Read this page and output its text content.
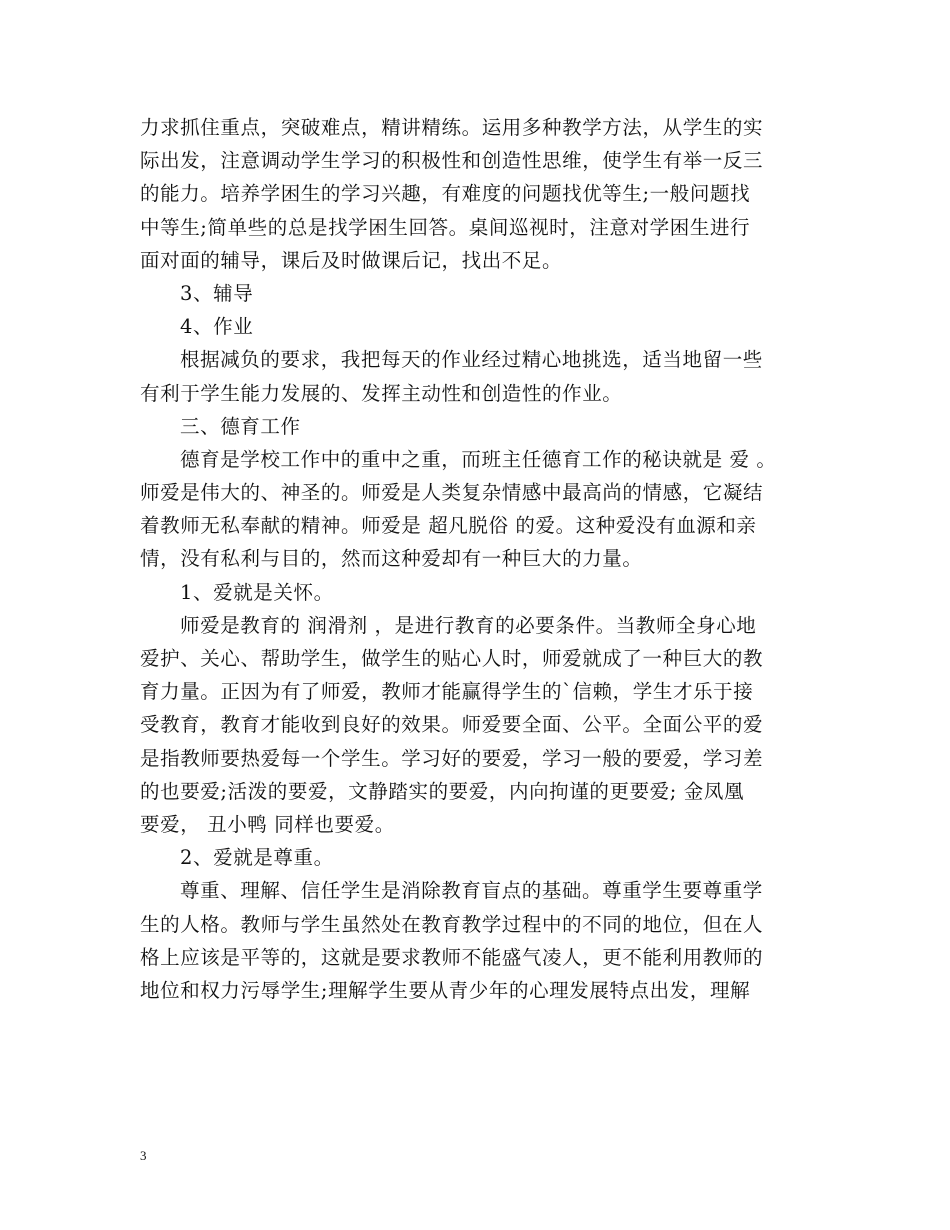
力求抓住重点，突破难点，精讲精练。运用多种教学方法，从学生的实
际出发，注意调动学生学习的积极性和创造性思维，使学生有举一反三
的能力。培养学困生的学习兴趣，有难度的问题找优等生;一般问题找
中等生;简单些的总是找学困生回答。桌间巡视时，注意对学困生进行
面对面的辅导，课后及时做课后记，找出不足。
3、辅导
4、作业
根据减负的要求，我把每天的作业经过精心地挑选，适当地留一些
有利于学生能力发展的、发挥主动性和创造性的作业。
三、德育工作
德育是学校工作中的重中之重，而班主任德育工作的秘诀就是 爱 。
师爱是伟大的、神圣的。师爱是人类复杂情感中最高尚的情感，它凝结
着教师无私奉献的精神。师爱是 超凡脱俗 的爱。这种爱没有血源和亲
情，没有私利与目的，然而这种爱却有一种巨大的力量。
1、爱就是关怀。
师爱是教育的 润滑剂 ，是进行教育的必要条件。当教师全身心地
爱护、关心、帮助学生，做学生的贴心人时，师爱就成了一种巨大的教
育力量。正因为有了师爱，教师才能赢得学生的`信赖，学生才乐于接
受教育，教育才能收到良好的效果。师爱要全面、公平。全面公平的爱
是指教师要热爱每一个学生。学习好的要爱，学习一般的要爱，学习差
的也要爱;活泼的要爱，文静踏实的要爱，内向拘谨的更要爱; 金凤凰
要爱， 丑小鸭 同样也要爱。
2、爱就是尊重。
尊重、理解、信任学生是消除教育盲点的基础。尊重学生要尊重学
生的人格。教师与学生虽然处在教育教学过程中的不同的地位，但在人
格上应该是平等的，这就是要求教师不能盛气凌人，更不能利用教师的
地位和权力污辱学生;理解学生要从青少年的心理发展特点出发，理解
3
